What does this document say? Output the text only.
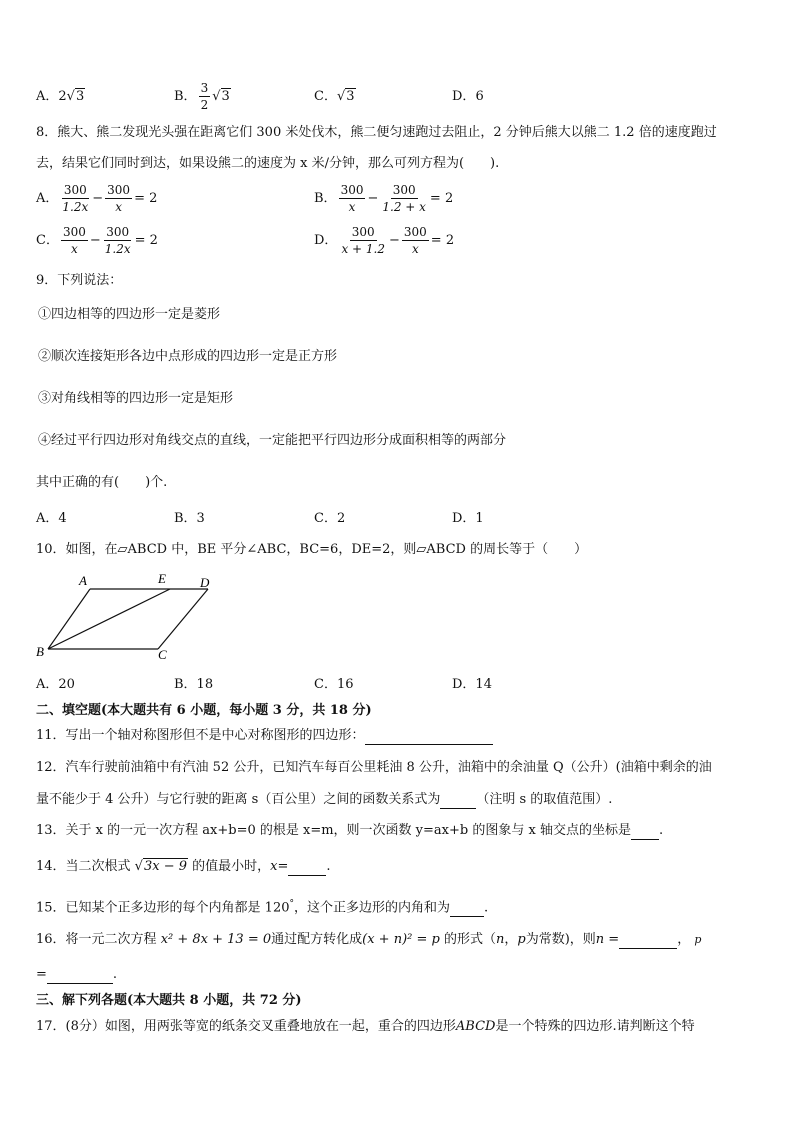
A．2√3	B． $\frac{3}{2} √3$	C．√3	D．6
8．熊大、熊二发现光头强在距离它们 300 米处伐木，熊二便匀速跑过去阻止，2 分钟后熊大以熊二 1.2 倍的速度跑过
去，结果它们同时到达，如果设熊二的速度为 x 米/分钟，那么可列方程为(　　).
A． $\frac{300}{1.2x} - \frac{300}{x} = 2$	B． $\frac{300}{x} - \frac{300}{1.2 + x} = 2$
C． $\frac{300}{x} - \frac{300}{1.2x} = 2$	D． $\frac{300}{x + 1.2} - \frac{300}{x} = 2$
9．下列说法：
①四边相等的四边形一定是菱形
②顺次连接矩形各边中点形成的四边形一定是正方形
③对角线相等的四边形一定是矩形
④经过平行四边形对角线交点的直线，一定能把平行四边形分成面积相等的两部分
其中正确的有(　　)个.
A．4	B．3	C．2	D．1
10．如图，在▱ABCD 中，BE 平分∠ABC，BC=6，DE=2，则▱ABCD 的周长等于（　　）
A	E	D
B	C
A．20	B．18	C．16	D．14
二、填空题(本大题共有 6 小题，每小题 3 分，共 18 分)
11．写出一个轴对称图形但不是中心对称图形的四边形：
12．汽车行驶前油箱中有汽油 52 公升，已知汽车每百公里耗油 8 公升，油箱中的余油量 Q（公升）(油箱中剩余的油
量不能少于 4 公升）与它行驶的距离 s（百公里）之间的函数关系式为	（注明 s 的取值范围）.
13．关于 x 的一元一次方程 ax+b=0 的根是 x=m，则一次函数 y=ax+b 的图象与 x 轴交点的坐标是 .
14．当二次根式 √3x − 9 的值最小时，x=	.
15．已知某个正多边形的每个内角都是 120°，这个正多边形的内角和为	.
16．将一元二次方程 x² + 8x + 13 = 0通过配方转化成(x + n)² = p 的形式（n，p为常数)，则n =	， p
=	.
三、解下列各题(本大题共 8 小题，共 72 分)
17．(8分）如图，用两张等宽的纸条交叉重叠地放在一起，重合的四边形ABCD是一个特殊的四边形.请判断这个特
